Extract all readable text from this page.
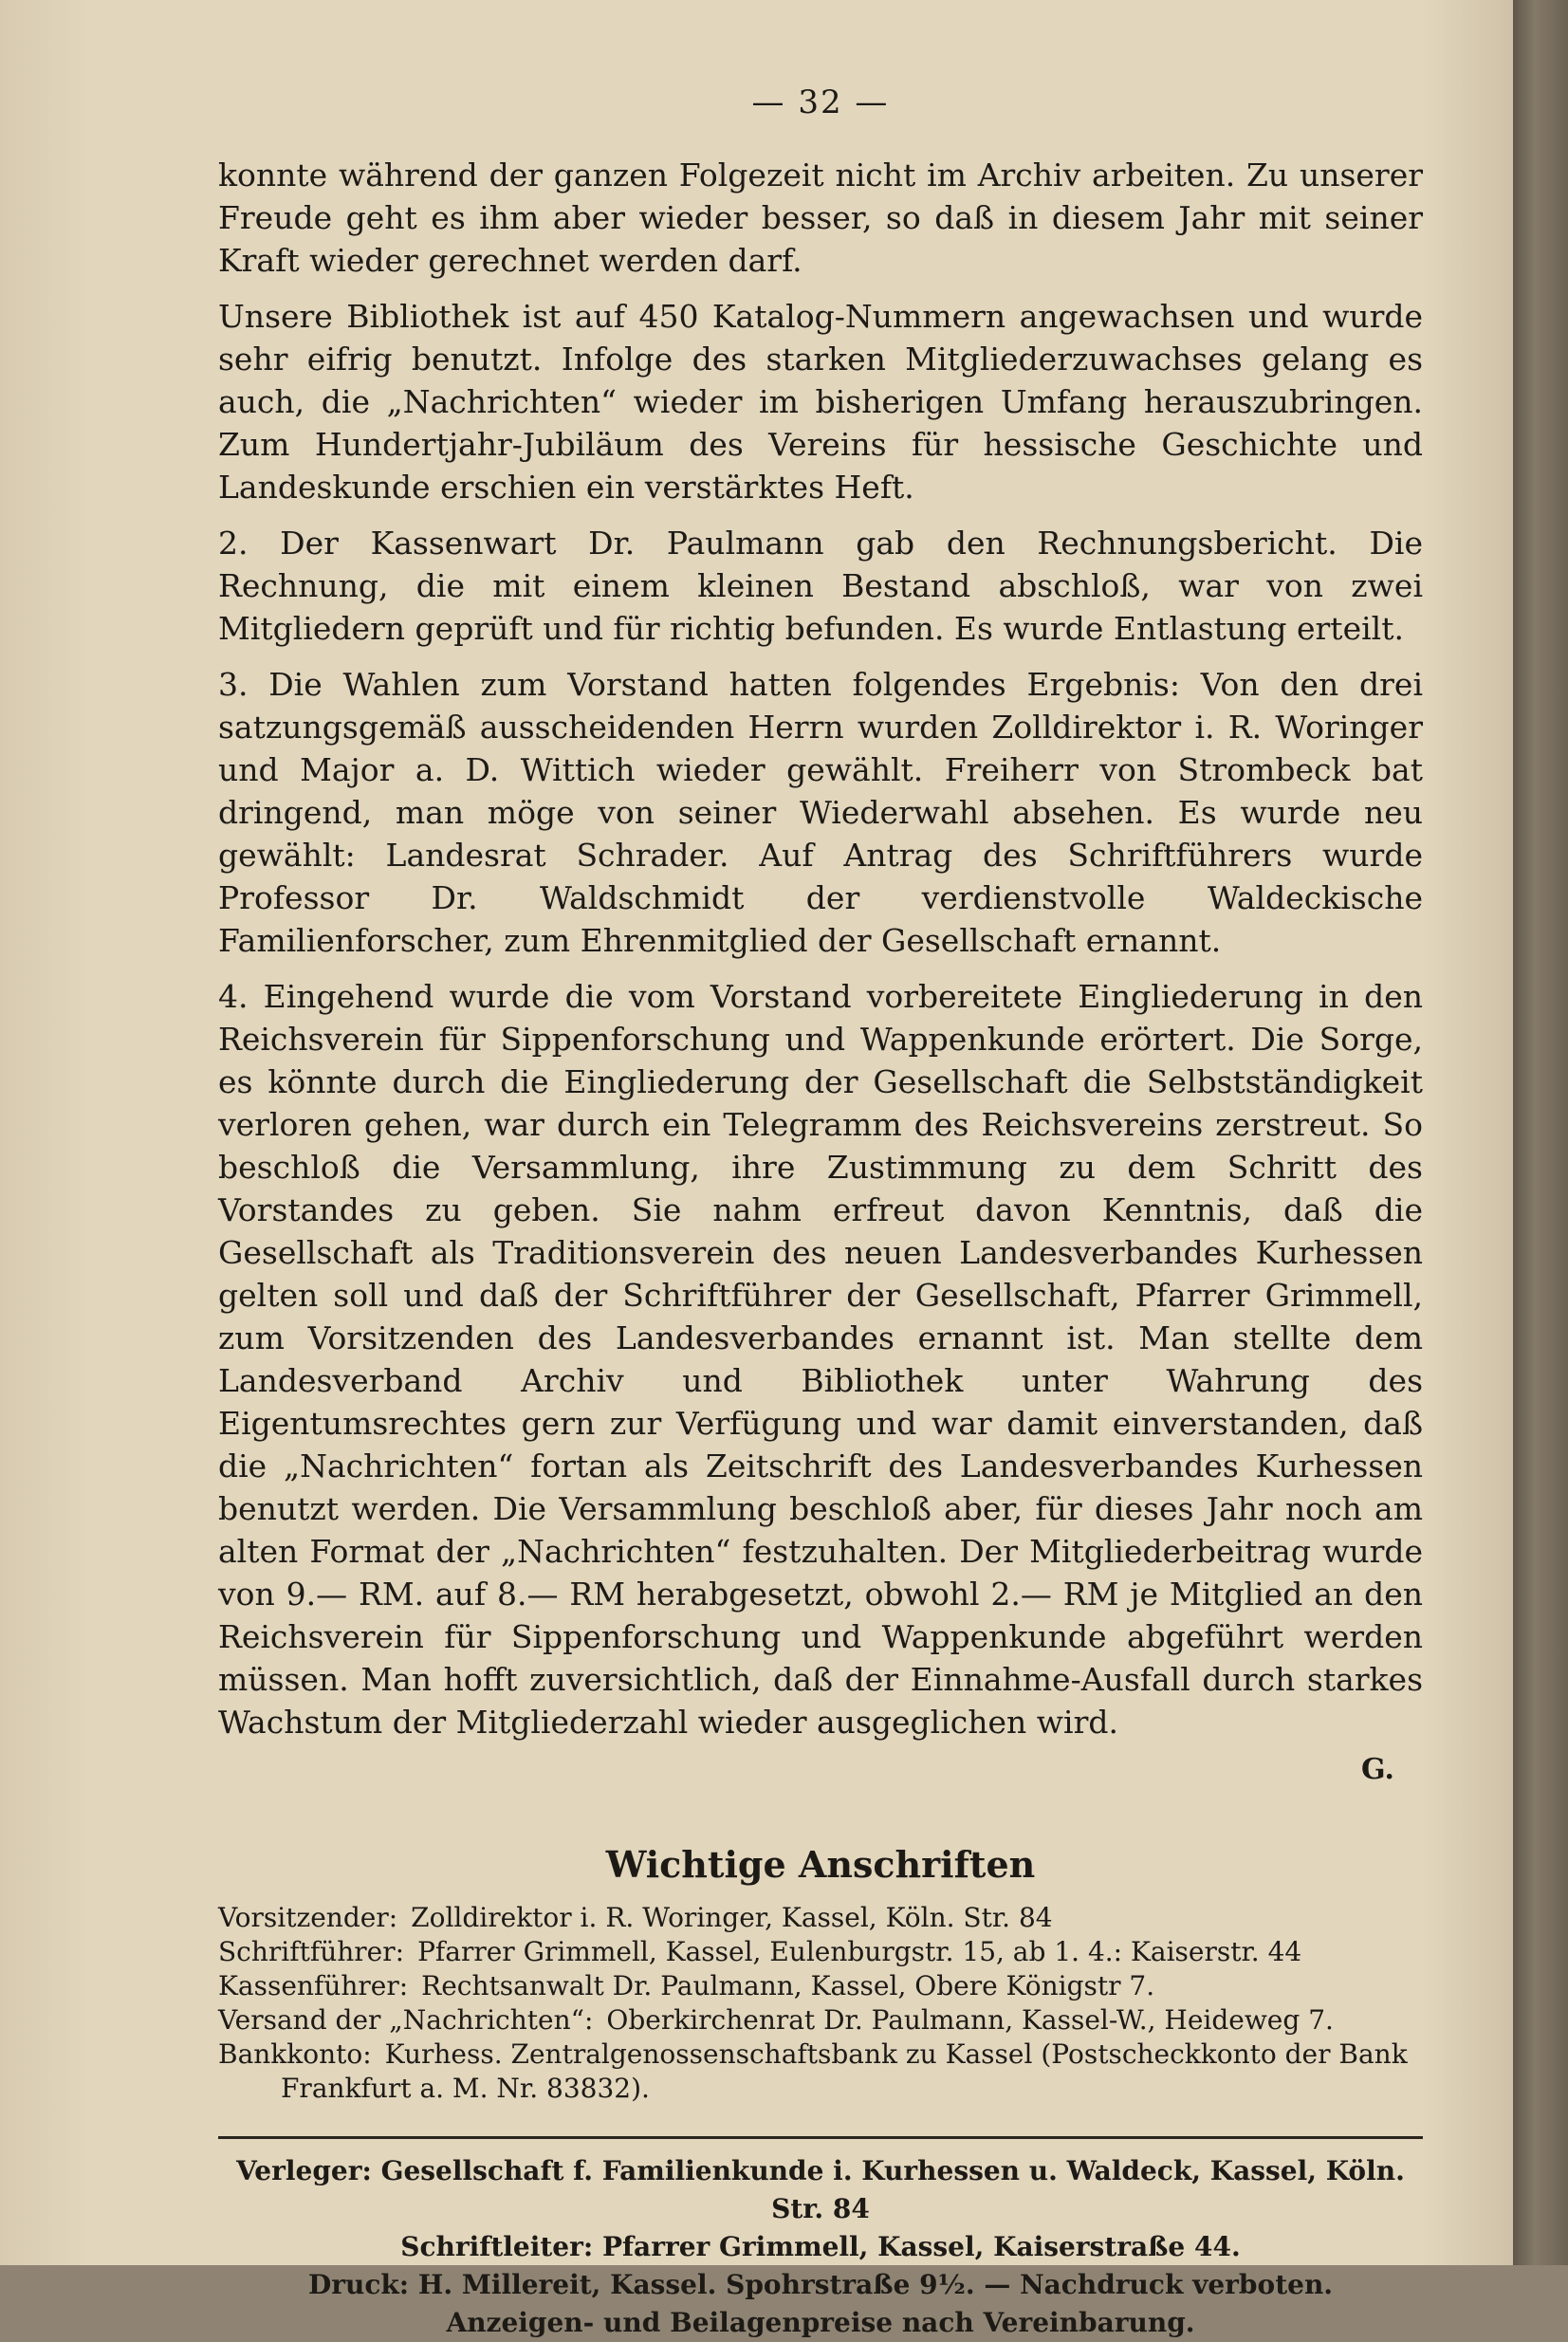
— 32 —

konnte während der ganzen Folgezeit nicht im Archiv arbeiten. Zu unserer Freude geht es ihm aber wieder besser, so daß in diesem Jahr mit seiner Kraft wieder gerechnet werden darf.

Unsere Bibliothek ist auf 450 Katalog-Nummern angewachsen und wurde sehr eifrig benutzt. Infolge des starken Mitgliederzuwachses gelang es auch, die „Nachrichten“ wieder im bisherigen Umfang herauszubringen. Zum Hundertjahr-Jubiläum des Vereins für hessische Geschichte und Landeskunde erschien ein verstärktes Heft.

2. Der Kassenwart Dr. Paulmann gab den Rechnungsbericht. Die Rechnung, die mit einem kleinen Bestand abschloß, war von zwei Mitgliedern geprüft und für richtig befunden. Es wurde Entlastung erteilt.

3. Die Wahlen zum Vorstand hatten folgendes Ergebnis: Von den drei satzungsgemäß ausscheidenden Herrn wurden Zolldirektor i. R. Woringer und Major a. D. Wittich wieder gewählt. Freiherr von Strombeck bat dringend, man möge von seiner Wiederwahl absehen. Es wurde neu gewählt: Landesrat Schrader. Auf Antrag des Schriftführers wurde Professor Dr. Waldschmidt der verdienstvolle Waldeckische Familienforscher, zum Ehrenmitglied der Gesellschaft ernannt.

4. Eingehend wurde die vom Vorstand vorbereitete Eingliederung in den Reichsverein für Sippenforschung und Wappenkunde erörtert. Die Sorge, es könnte durch die Eingliederung der Gesellschaft die Selbstständigkeit verloren gehen, war durch ein Telegramm des Reichsvereins zerstreut. So beschloß die Versammlung, ihre Zustimmung zu dem Schritt des Vorstandes zu geben. Sie nahm erfreut davon Kenntnis, daß die Gesellschaft als Traditionsverein des neuen Landesverbandes Kurhessen gelten soll und daß der Schriftführer der Gesellschaft, Pfarrer Grimmell, zum Vorsitzenden des Landesverbandes ernannt ist. Man stellte dem Landesverband Archiv und Bibliothek unter Wahrung des Eigentumsrechtes gern zur Verfügung und war damit einverstanden, daß die „Nachrichten“ fortan als Zeitschrift des Landesverbandes Kurhessen benutzt werden. Die Versammlung beschloß aber, für dieses Jahr noch am alten Format der „Nachrichten“ festzuhalten. Der Mitgliederbeitrag wurde von 9.— RM. auf 8.— RM herabgesetzt, obwohl 2.— RM je Mitglied an den Reichsverein für Sippenforschung und Wappenkunde abgeführt werden müssen. Man hofft zuversichtlich, daß der Einnahme-Ausfall durch starkes Wachstum der Mitgliederzahl wieder ausgeglichen wird.

G.
Wichtige Anschriften
Vorsitzender: Zolldirektor i. R. Woringer, Kassel, Köln. Str. 84
Schriftführer: Pfarrer Grimmell, Kassel, Eulenburgstr. 15, ab 1. 4.: Kaiserstr. 44
Kassenführer: Rechtsanwalt Dr. Paulmann, Kassel, Obere Königstr 7.
Versand der „Nachrichten“: Oberkirchenrat Dr. Paulmann, Kassel-W., Heideweg 7.
Bankkonto: Kurhess. Zentralgenossenschaftsbank zu Kassel (Postscheckkonto der Bank
Frankfurt a. M. Nr. 83832).
Verleger: Gesellschaft f. Familienkunde i. Kurhessen u. Waldeck, Kassel, Köln. Str. 84
Schriftleiter: Pfarrer Grimmell, Kassel, Kaiserstraße 44.
Druck: H. Millereit, Kassel. Spohrstraße 9½. — Nachdruck verboten.
Anzeigen- und Beilagenpreise nach Vereinbarung.
